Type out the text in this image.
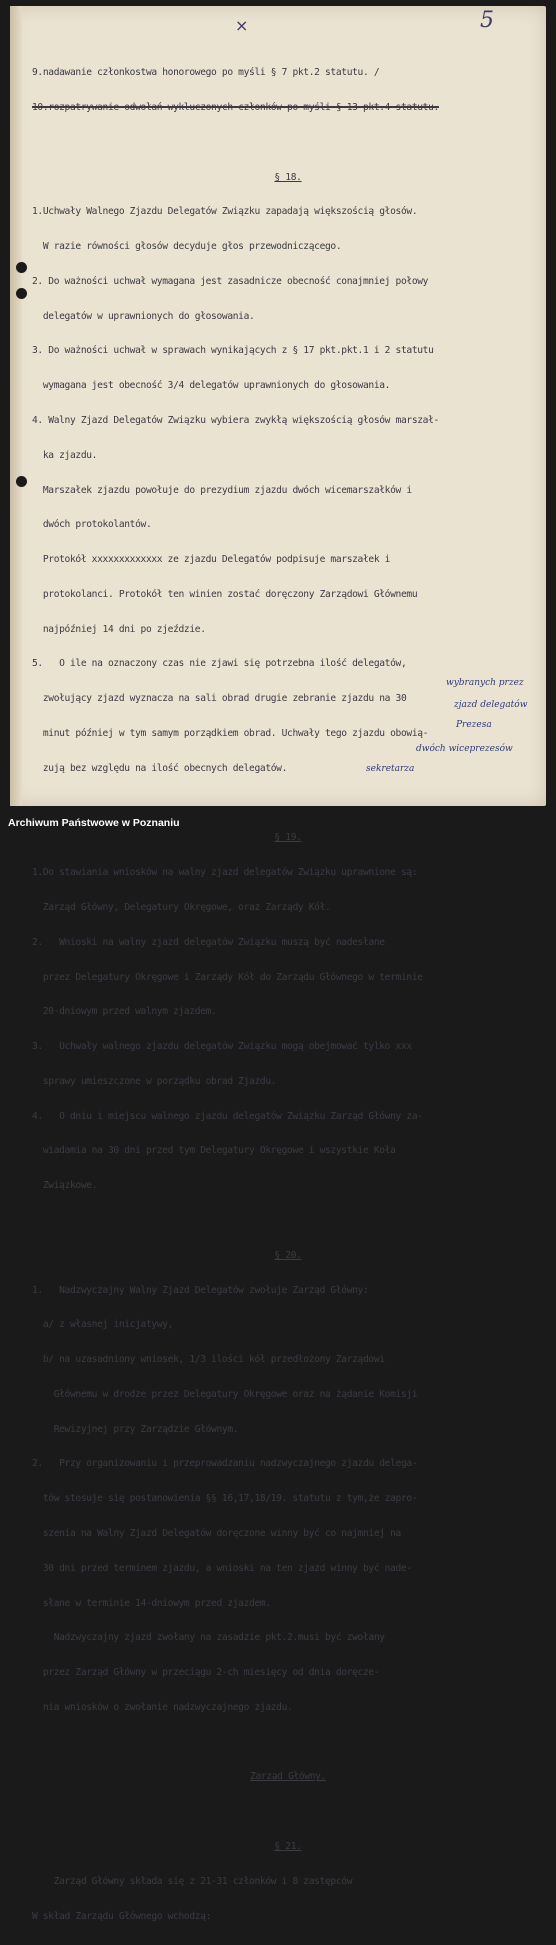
×	5

9.nadawanie członkostwa honorowego po myśli § 7 pkt.2 statutu. /

10.rozpatrywanie odwołań wykluczonych członków po myśli § 13 pkt.4 statutu.

§ 18.

1.Uchwały Walnego Zjazdu Delegatów Związku zapadają większością głosów.

W razie równości głosów decyduje głos przewodniczącego.

2. Do ważności uchwał wymagana jest zasadnicze obecność conajmniej połowy

delegatów w uprawnionych do głosowania.

3. Do ważności uchwał w sprawach wynikających z § 17 pkt.pkt.1 i 2 statutu

wymagana jest obecność 3/4 delegatów uprawnionych do głosowania.

4. Walny Zjazd Delegatów Związku wybiera zwykłą większością głosów marszał-

ka zjazdu.

Marszałek zjazdu powołuje do prezydium zjazdu dwóch wicemarszałków i

dwóch protokolantów.

Protokół xxxxxxxxxxxxx ze zjazdu Delegatów podpisuje marszałek i

protokolanci. Protokół ten winien zostać doręczony Zarządowi Głównemu

najpóźniej 14 dni po zjeździe.

5.   O ile na oznaczony czas nie zjawi się potrzebna ilość delegatów,

zwołujący zjazd wyznacza na sali obrad drugie zebranie zjazdu na 30

minut później w tym samym porządkiem obrad. Uchwały tego zjazdu obowią-

zują bez względu na ilość obecnych delegatów.

§ 19.

1.Do stawiania wniosków na walny zjazd delegatów Związku uprawnione są:

Zarząd Główny, Delegatury Okręgowe, oraz Zarządy Kół.

2.   Wnioski na walny zjazd delegatów Związku muszą być nadesłane

przez Delegatury Okręgowe i Zarządy Kół do Zarządu Głównego w terminie

20-dniowym przed walnym zjazdem.

3.   Uchwały walnego zjazdu delegatów Związku mogą obejmować tylko xxx

sprawy umieszczone w porządku obrad Zjazdu.

4.   O dniu i miejscu walnego zjazdu delegatów Związku Zarząd Główny za-

wiadamia na 30 dni przed tym Delegatury Okręgowe i wszystkie Koła

Związkowe.

§ 20.

1.   Nadzwyczajny Walny Zjazd Delegatów zwołuje Zarząd Główny:

a/ z własnej inicjatywy,

b/ na uzasadniony wniosek, 1/3 ilości kół przedłożony Zarządowi

Głównemu w drodze przez Delegatury Okręgowe oraz na żądanie Komisji

Rewizyjnej przy Zarządzie Głównym.

2.   Przy organizowaniu i przeprowadzaniu nadzwyczajnego zjazdu delega-

tów stosuje się postanowienia §§ 16,17,18/19. statutu z tym,że zapro-

szenia na Walny Zjazd Delegatów doręczone winny być co najmniej na

30 dni przed terminem zjazdu, a wnioski na ten zjazd winny być nade-

słane w terminie 14-dniowym przed zjazdem.

Nadzwyczajny zjazd zwołany na zasadzie pkt.2.musi być zwołany

przez Zarząd Główny w przeciągu 2-ch miesięcy od dnia doręcze-

nia wniosków o zwołanie nadzwyczajnego zjazdu.

Zarząd Główny.

§ 21.

Zarząd Główny składa się z 21-31 członków i 8 zastępców

W skład Zarządu Głównego wchodzą:

wybranych przez
zjazd delegatów
Prezesa
dwóch wiceprezesów
sekretarza
Archiwum Państwowe w Poznaniu
